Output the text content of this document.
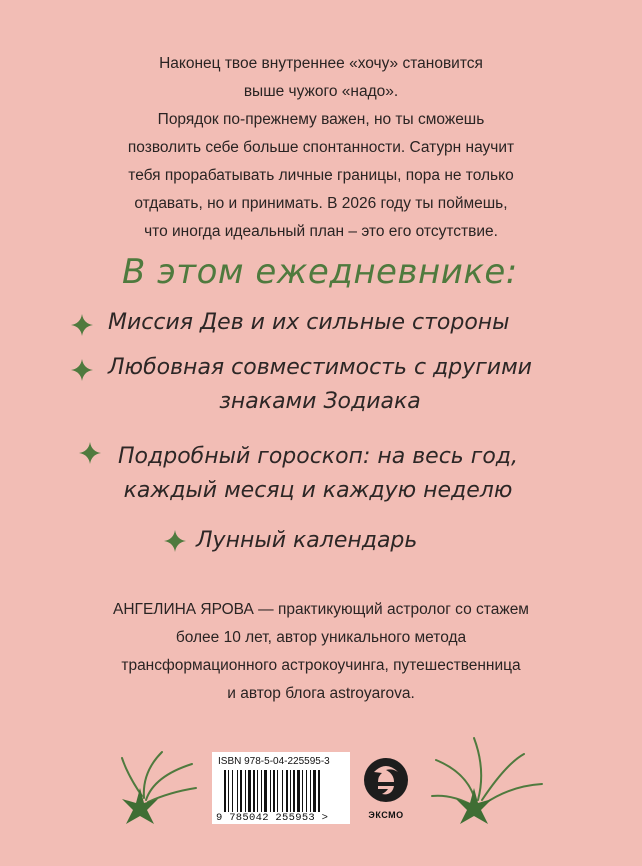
Наконец твое внутреннее «хочу» становится

выше чужого «надо».

Порядок по-прежнему важен, но ты сможешь

позволить себе больше спонтанности. Сатурн научит

тебя прорабатывать личные границы, пора не только

отдавать, но и принимать. В 2026 году ты поймешь,

что иногда идеальный план – это его отсутствие.

В этом ежедневнике:
Миссия Дев и их сильные стороны
Любовная совместимость с другими
знаками Зодиака
Подробный гороскоп: на весь год,
каждый месяц и каждую неделю
Лунный календарь
АНГЕЛИНА ЯРОВА — практикующий астролог со стажем
более 10 лет, автор уникального метода
трансформационного астрокоучинга, путешественница
и автор блога astroyarova.
ISBN 978-5-04-225595-3
9 785042 255953 >	ЭКСМО
